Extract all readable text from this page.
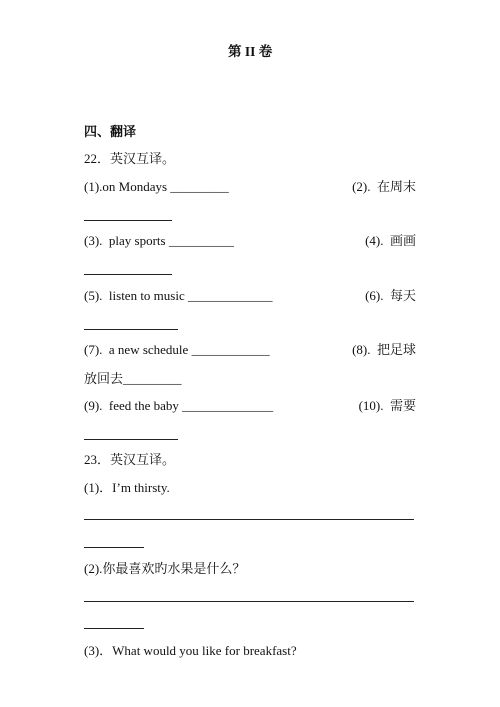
第 II 卷
四、翻译
22．英汉互译。
(1).on Mondays _________	(2).  在周末
(3).  play sports __________	(4).  画画
(5).  listen to music _____________	(6).  每天
(7).  a new schedule ____________	(8).  把足球
放回去_________
(9).  feed the baby ______________	(10).  需要
23．英汉互译。
(1)．I’m thirsty.
(2).你最喜欢旳水果是什么？
(3)．What would you like for breakfast?
